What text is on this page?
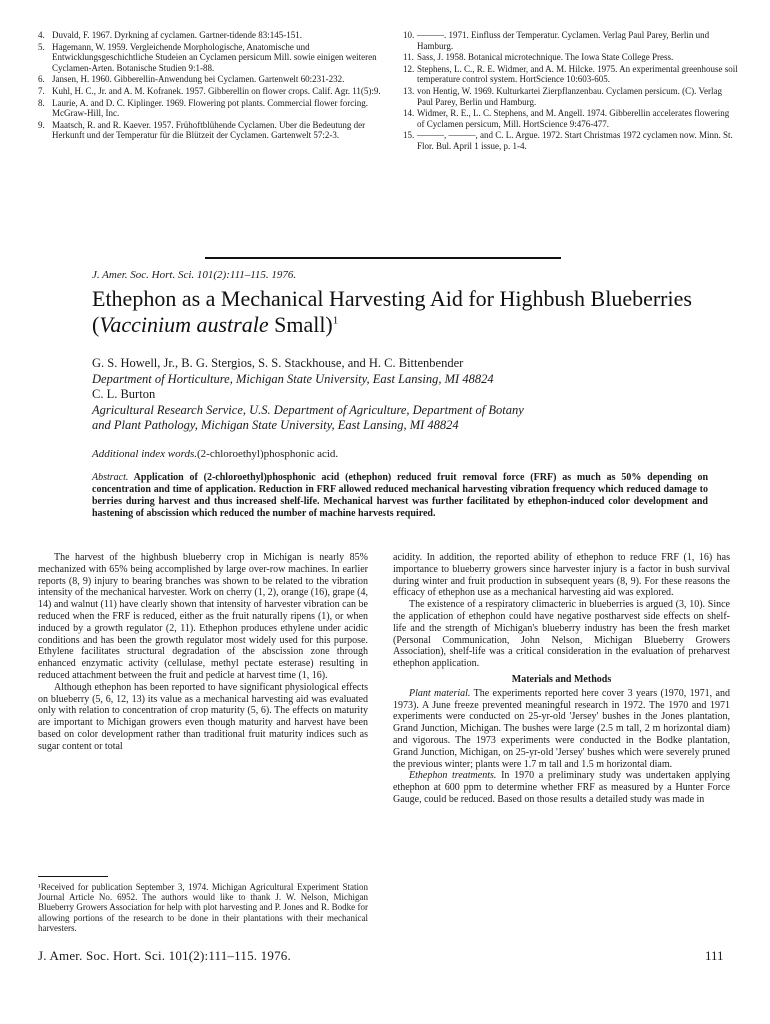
4. Duvald, F. 1967. Dyrkning af cyclamen. Gartner-tidende 83:145-151.
5. Hagemann, W. 1959. Vergleichende Morphologische, Anatomische und Entwicklungsgeschichtliche Studeien an Cyclamen persicum Mill. sowie einigen weiteren Cyclamen-Arten. Botanische Studien 9:1-88.
6. Jansen, H. 1960. Gibberellin-Anwendung bei Cyclamen. Gartenwelt 60:231-232.
7. Kuhl, H. C., Jr. and A. M. Kofranek. 1957. Gibberellin on flower crops. Calif. Agr. 11(5):9.
8. Laurie, A. and D. C. Kiplinger. 1969. Flowering pot plants. Commercial flower forcing. McGraw-Hill, Inc.
9. Maatsch, R. and R. Kaever. 1957. Frühoftblühende Cyclamen. Uber die Bedeutung der Herkunft und der Temperatur für die Blützeit der Cyclamen. Gartenwelt 57:2-3.
10. ———. 1971. Einfluss der Temperatur. Cyclamen. Verlag Paul Parey, Berlin und Hamburg.
11. Sass, J. 1958. Botanical microtechnique. The Iowa State College Press.
12. Stephens, L. C., R. E. Widmer, and A. M. Hilcke. 1975. An experimental greenhouse soil temperature control system. HortScience 10:603-605.
13. von Hentig, W. 1969. Kulturkartei Zierpflanzenbau. Cyclamen persicum. (C). Verlag Paul Parey, Berlin und Hamburg.
14. Widmer, R. E., L. C. Stephens, and M. Angell. 1974. Gibberellin accelerates flowering of Cyclamen persicum, Mill. HortScience 9:476-477.
15. ———, ———, and C. L. Argue. 1972. Start Christmas 1972 cyclamen now. Minn. St. Flor. Bul. April 1 issue, p. 1-4.
J. Amer. Soc. Hort. Sci. 101(2):111–115. 1976.
Ethephon as a Mechanical Harvesting Aid for Highbush Blueberries (Vaccinium australe Small)$^1$
G. S. Howell, Jr., B. G. Stergios, S. S. Stackhouse, and H. C. Bittenbender
Department of Horticulture, Michigan State University, East Lansing, MI 48824
C. L. Burton
Agricultural Research Service, U.S. Department of Agriculture, Department of Botany
and Plant Pathology, Michigan State University, East Lansing, MI 48824
Additional index words.(2-chloroethyl)phosphonic acid.
Abstract. Application of (2-chloroethyl)phosphonic acid (ethephon) reduced fruit removal force (FRF) as much as 50% depending on concentration and time of application. Reduction in FRF allowed reduced mechanical harvesting vibration frequency which reduced damage to berries during harvest and thus increased shelf-life. Mechanical harvest was further facilitated by ethephon-induced color development and hastening of abscission which reduced the number of machine harvests required.

The harvest of the highbush blueberry crop in Michigan is nearly 85% mechanized with 65% being accomplished by large over-row machines. In earlier reports (8, 9) injury to bearing branches was shown to be related to the vibration intensity of the mechanical harvester. Work on cherry (1, 2), orange (16), grape (4, 14) and walnut (11) have clearly shown that intensity of harvester vibration can be reduced when the FRF is reduced, either as the fruit naturally ripens (1), or when induced by a growth regulator (2, 11). Ethephon produces ethylene under acidic conditions and has been the growth regulator most widely used for this purpose. Ethylene facilitates structural degradation of the abscission zone through enhanced enzymatic activity (cellulase, methyl pectate esterase) resulting in reduced attachment between the fruit and pedicle at harvest time (1, 16).

Although ethephon has been reported to have significant physiological effects on blueberry (5, 6, 12, 13) its value as a mechanical harvesting aid was evaluated only with relation to concentration of crop maturity (5, 6). The effects on maturity are important to Michigan growers even though maturity and harvest have been based on color development rather than traditional fruit maturity indices such as sugar content or total

acidity. In addition, the reported ability of ethephon to reduce FRF (1, 16) has importance to blueberry growers since harvester injury is a factor in bush survival during winter and fruit production in subsequent years (8, 9). For these reasons the efficacy of ethephon use as a mechanical harvesting aid was explored.

The existence of a respiratory climacteric in blueberries is argued (3, 10). Since the application of ethephon could have negative postharvest side effects on shelf-life and the strength of Michigan's blueberry industry has been the fresh market (Personal Communication, John Nelson, Michigan Blueberry Growers Association), shelf-life was a critical consideration in the evaluation of preharvest ethephon application.

Materials and Methods

Plant material. The experiments reported here cover 3 years (1970, 1971, and 1973). A June freeze prevented meaningful research in 1972. The 1970 and 1971 experiments were conducted on 25-yr-old 'Jersey' bushes in the Jones plantation, Grand Junction, Michigan. The bushes were large (2.5 m tall, 2 m horizontal diam) and vigorous. The 1973 experiments were conducted in the Bodke plantation, Grand Junction, Michigan, on 25-yr-old 'Jersey' bushes which were severely pruned the previous winter; plants were 1.7 m tall and 1.5 m horizontal diam.

Ethephon treatments. In 1970 a preliminary study was undertaken applying ethephon at 600 ppm to determine whether FRF as measured by a Hunter Force Gauge, could be reduced. Based on those results a detailed study was made in

¹Received for publication September 3, 1974. Michigan Agricultural Experiment Station Journal Article No. 6952. The authors would like to thank J. W. Nelson, Michigan Blueberry Growers Association for help with plot harvesting and P. Jones and R. Bodke for allowing portions of the research to be done in their plantations with their mechanical harvesters.
J. Amer. Soc. Hort. Sci. 101(2):111–115. 1976.	111
